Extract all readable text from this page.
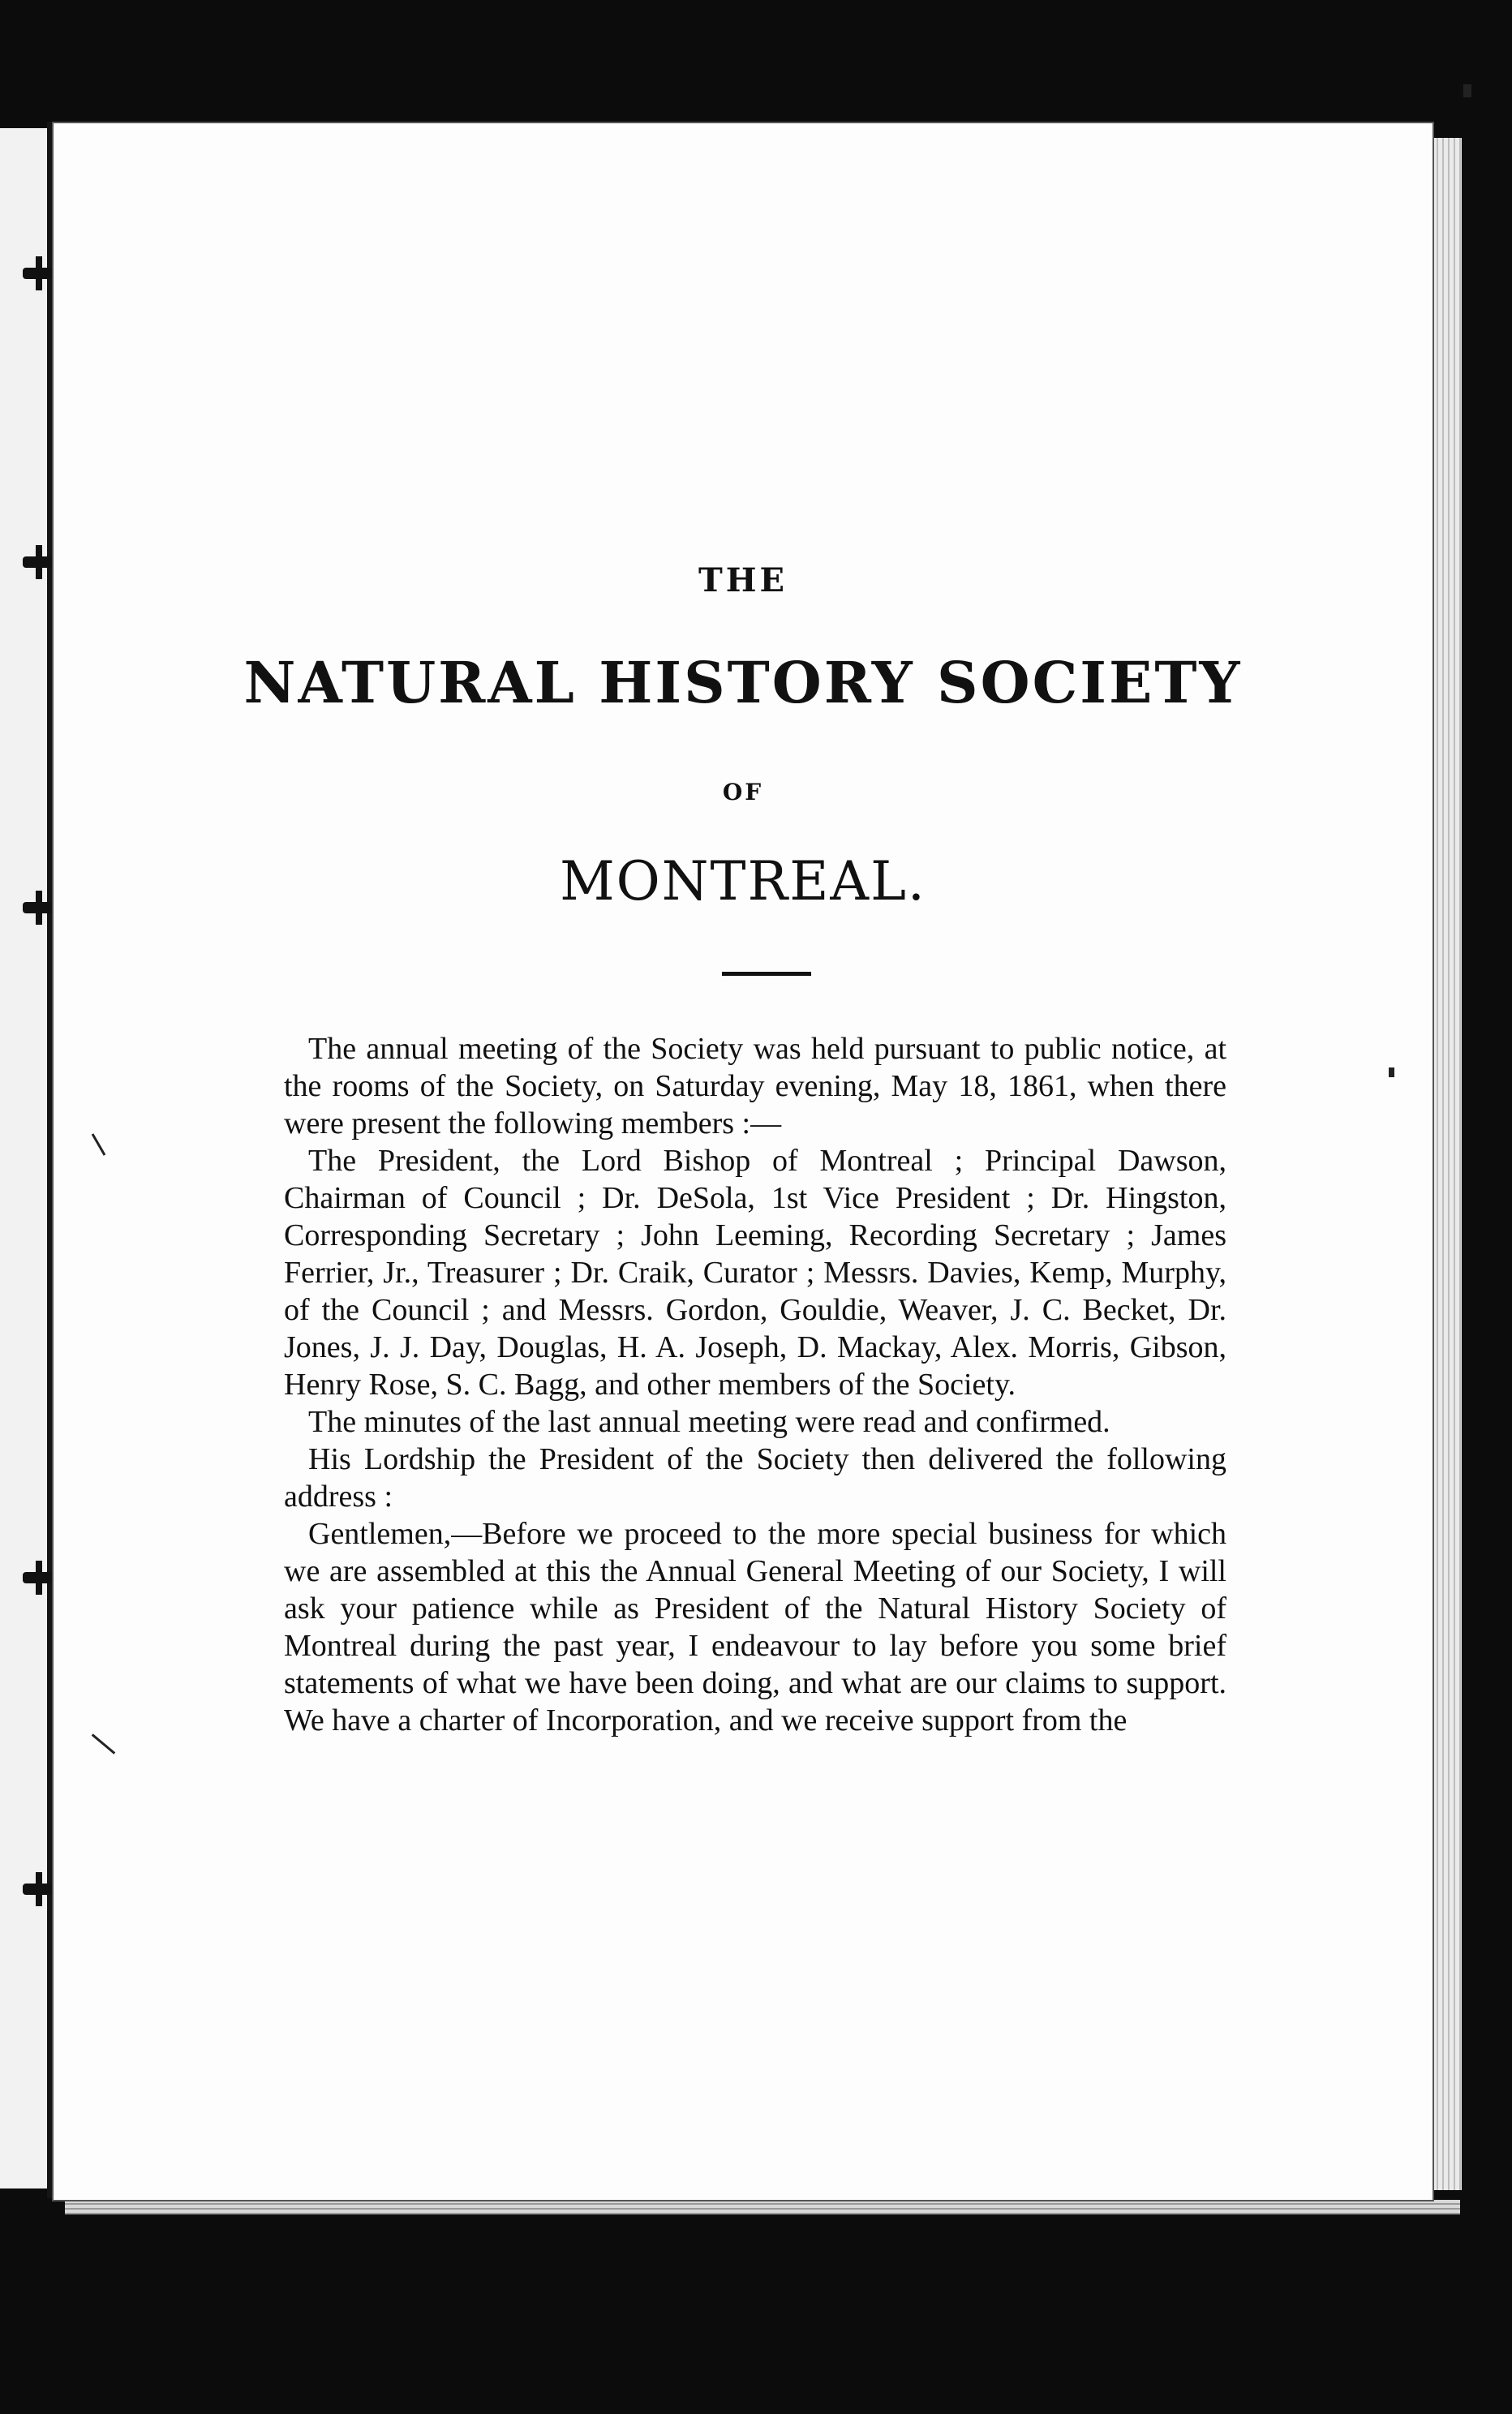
THE
NATURAL HISTORY SOCIETY
OF
MONTREAL.

The annual meeting of the Society was held pursuant to public notice, at the rooms of the Society, on Saturday evening, May 18, 1861, when there were present the following members :—

The President, the Lord Bishop of Montreal ; Principal Dawson, Chairman of Council ; Dr. DeSola, 1st Vice President ; Dr. Hingston, Corresponding Secretary ; John Leeming, Recording Secretary ; James Ferrier, Jr., Treasurer ; Dr. Craik, Curator ; Messrs. Davies, Kemp, Murphy, of the Council ; and Messrs. Gordon, Gouldie, Weaver, J. C. Becket, Dr. Jones, J. J. Day, Douglas, H. A. Joseph, D. Mackay, Alex. Morris, Gibson, Henry Rose, S. C. Bagg, and other members of the Society.

The minutes of the last annual meeting were read and confirmed.

His Lordship the President of the Society then delivered the following address :

Gentlemen,—Before we proceed to the more special business for which we are assembled at this the Annual General Meeting of our Society, I will ask your patience while as President of the Natural History Society of Montreal during the past year, I endeavour to lay before you some brief statements of what we have been doing, and what are our claims to support. We have a charter of Incorporation, and we receive support from the
